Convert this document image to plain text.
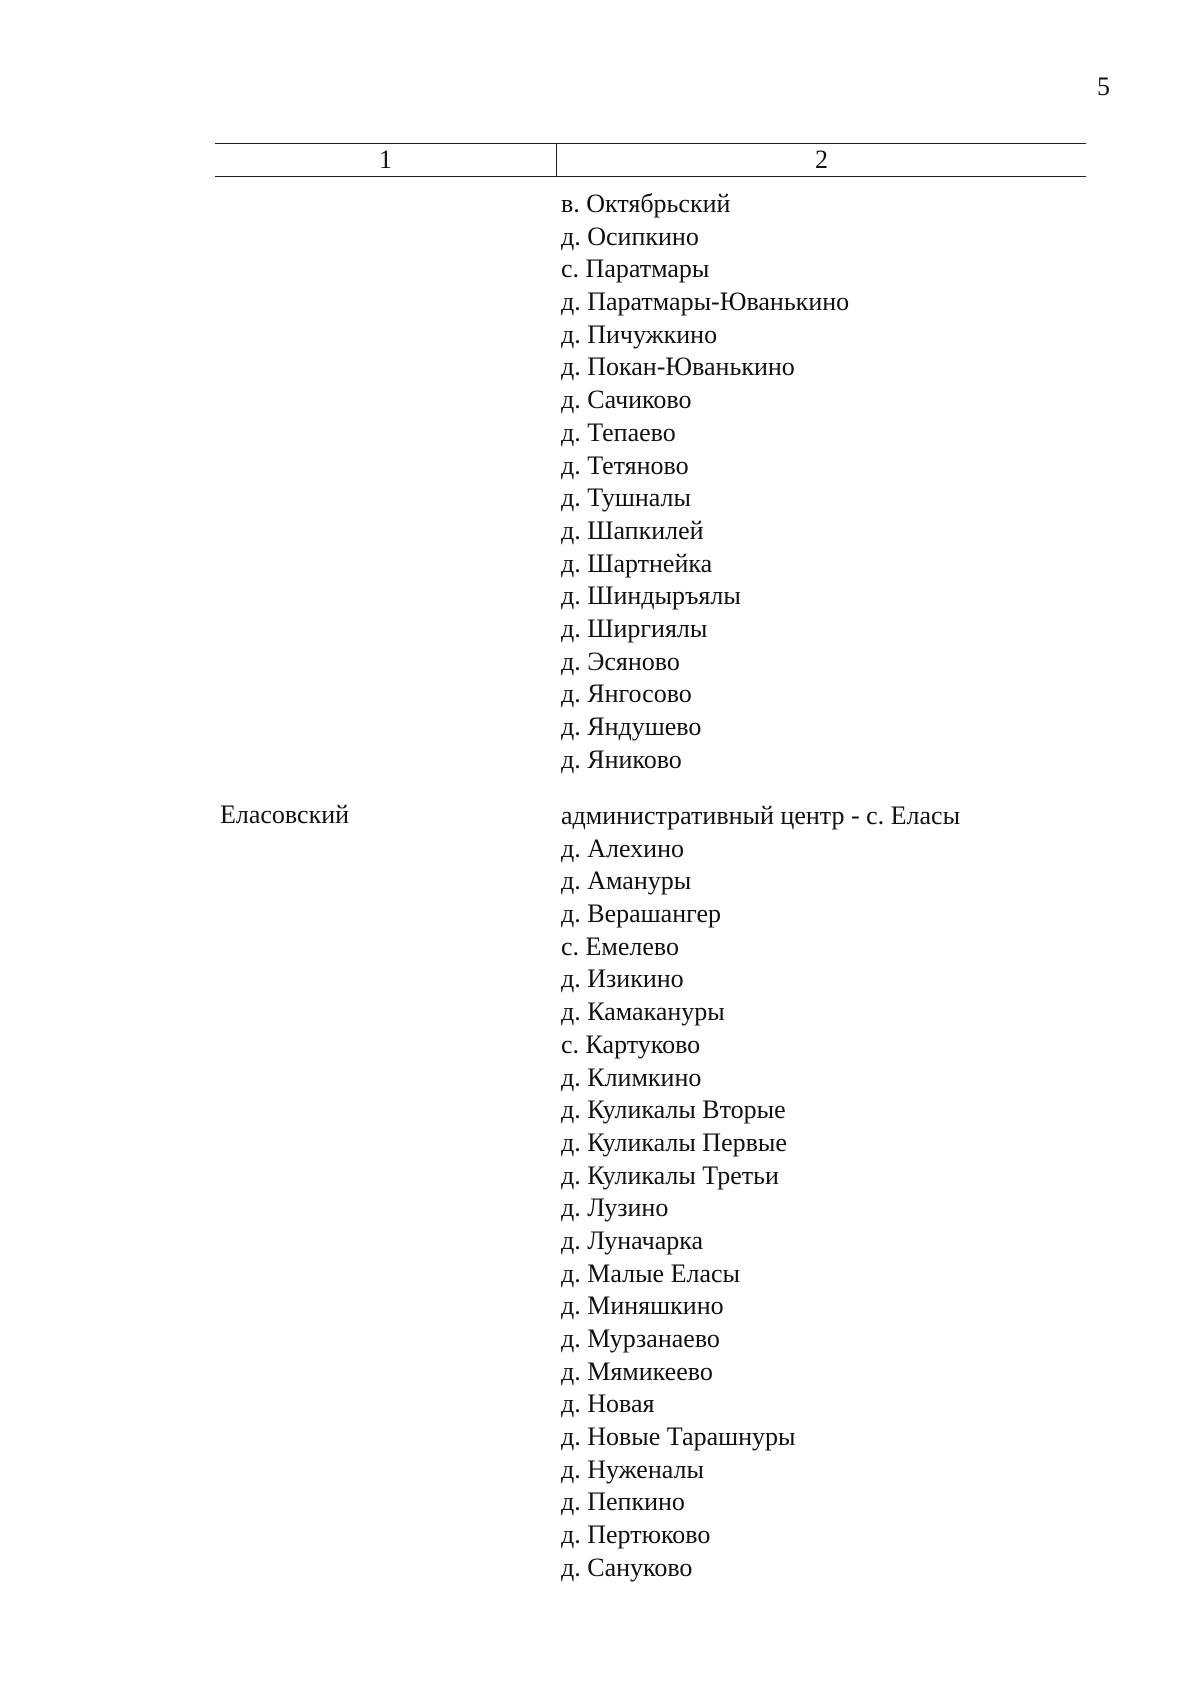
5
1	2
в. Октябрьский
д. Осипкино
с. Паратмары
д. Паратмары-Юванькино
д. Пичужкино
д. Покан-Юванькино
д. Сачиково
д. Тепаево
д. Тетяново
д. Тушналы
д. Шапкилей
д. Шартнейка
д. Шиндыръялы
д. Ширгиялы
д. Эсяново
д. Янгосово
д. Яндушево
д. Яниково
Еласовский	административный центр - с. Еласы
д. Алехино
д. Амануры
д. Верашангер
с. Емелево
д. Изикино
д. Камакануры
с. Картуково
д. Климкино
д. Куликалы Вторые
д. Куликалы Первые
д. Куликалы Третьи
д. Лузино
д. Луначарка
д. Малые Еласы
д. Миняшкино
д. Мурзанаево
д. Мямикеево
д. Новая
д. Новые Тарашнуры
д. Нуженалы
д. Пепкино
д. Пертюково
д. Сануково
